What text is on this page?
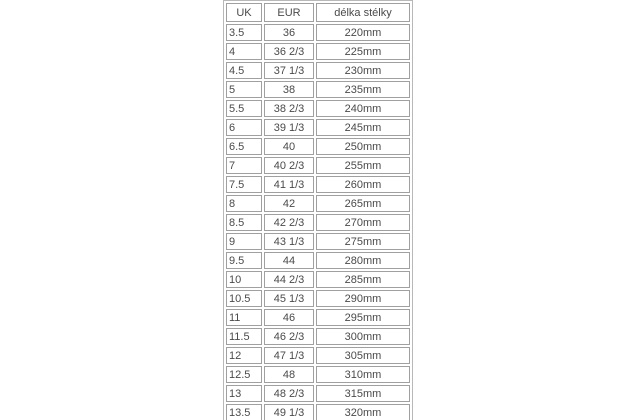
UK	EUR	délka stélky
3.5	36	220mm
4	36 2/3	225mm
4.5	37 1/3	230mm
5	38	235mm
5.5	38 2/3	240mm
6	39 1/3	245mm
6.5	40	250mm
7	40 2/3	255mm
7.5	41 1/3	260mm
8	42	265mm
8.5	42 2/3	270mm
9	43 1/3	275mm
9.5	44	280mm
10	44 2/3	285mm
10.5	45 1/3	290mm
11	46	295mm
11.5	46 2/3	300mm
12	47 1/3	305mm
12.5	48	310mm
13	48 2/3	315mm
13.5	49 1/3	320mm
